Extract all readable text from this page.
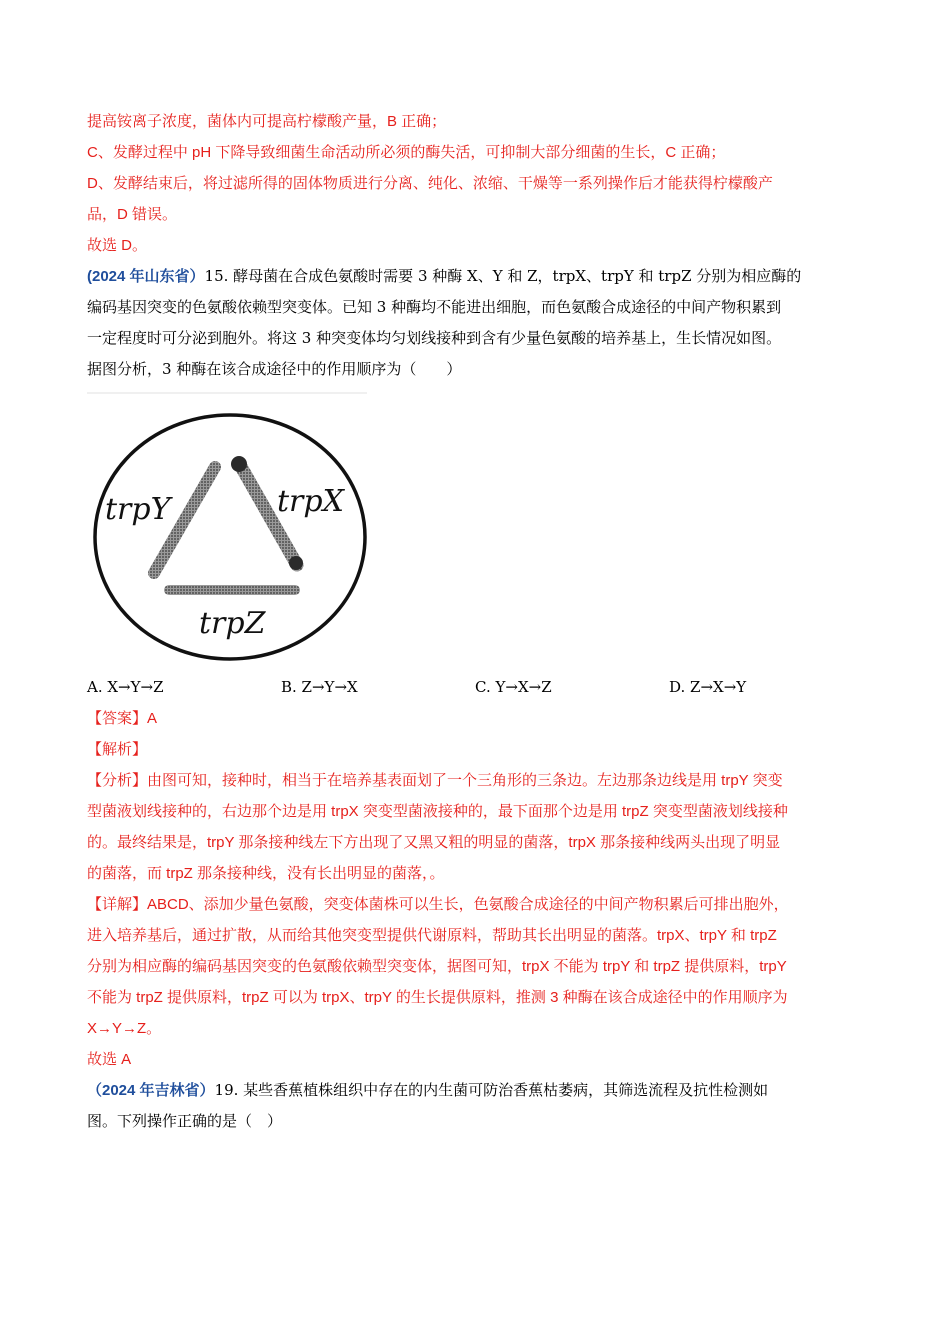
提高铵离子浓度，菌体内可提高柠檬酸产量，B 正确；
C、发酵过程中 pH 下降导致细菌生命活动所必须的酶失活，可抑制大部分细菌的生长，C 正确；
D、发酵结束后，将过滤所得的固体物质进行分离、纯化、浓缩、干燥等一系列操作后才能获得柠檬酸产
品，D 错误。
故选 D。
(2024 年山东省）15. 酵母菌在合成色氨酸时需要 3 种酶 X、Y 和 Z，trpX、trpY 和 trpZ 分别为相应酶的
编码基因突变的色氨酸依赖型突变体。已知 3 种酶均不能进出细胞，而色氨酸合成途径的中间产物积累到
一定程度时可分泌到胞外。将这 3 种突变体均匀划线接种到含有少量色氨酸的培养基上，生长情况如图。
据图分析，3 种酶在该合成途径中的作用顺序为（　　）
trpY	trpX
trpZ
A. X→Y→Z	B. Z→Y→X	C. Y→X→Z	D. Z→X→Y
【答案】A
【解析】
【分析】由图可知，接种时，相当于在培养基表面划了一个三角形的三条边。左边那条边线是用 trpY 突变
型菌液划线接种的，右边那个边是用 trpX 突变型菌液接种的，最下面那个边是用 trpZ 突变型菌液划线接种
的。最终结果是，trpY 那条接种线左下方出现了又黑又粗的明显的菌落，trpX 那条接种线两头出现了明显
的菌落，而 trpZ 那条接种线，没有长出明显的菌落，。
【详解】ABCD、添加少量色氨酸，突变体菌株可以生长，色氨酸合成途径的中间产物积累后可排出胞外，
进入培养基后，通过扩散，从而给其他突变型提供代谢原料，帮助其长出明显的菌落。trpX、trpY 和 trpZ
分别为相应酶的编码基因突变的色氨酸依赖型突变体，据图可知，trpX 不能为 trpY 和 trpZ 提供原料，trpY
不能为 trpZ 提供原料，trpZ 可以为 trpX、trpY 的生长提供原料，推测 3 种酶在该合成途径中的作用顺序为
X→Y→Z。
故选 A
（2024 年吉林省）19. 某些香蕉植株组织中存在的内生菌可防治香蕉枯萎病，其筛选流程及抗性检测如
图。下列操作正确的是（　）
